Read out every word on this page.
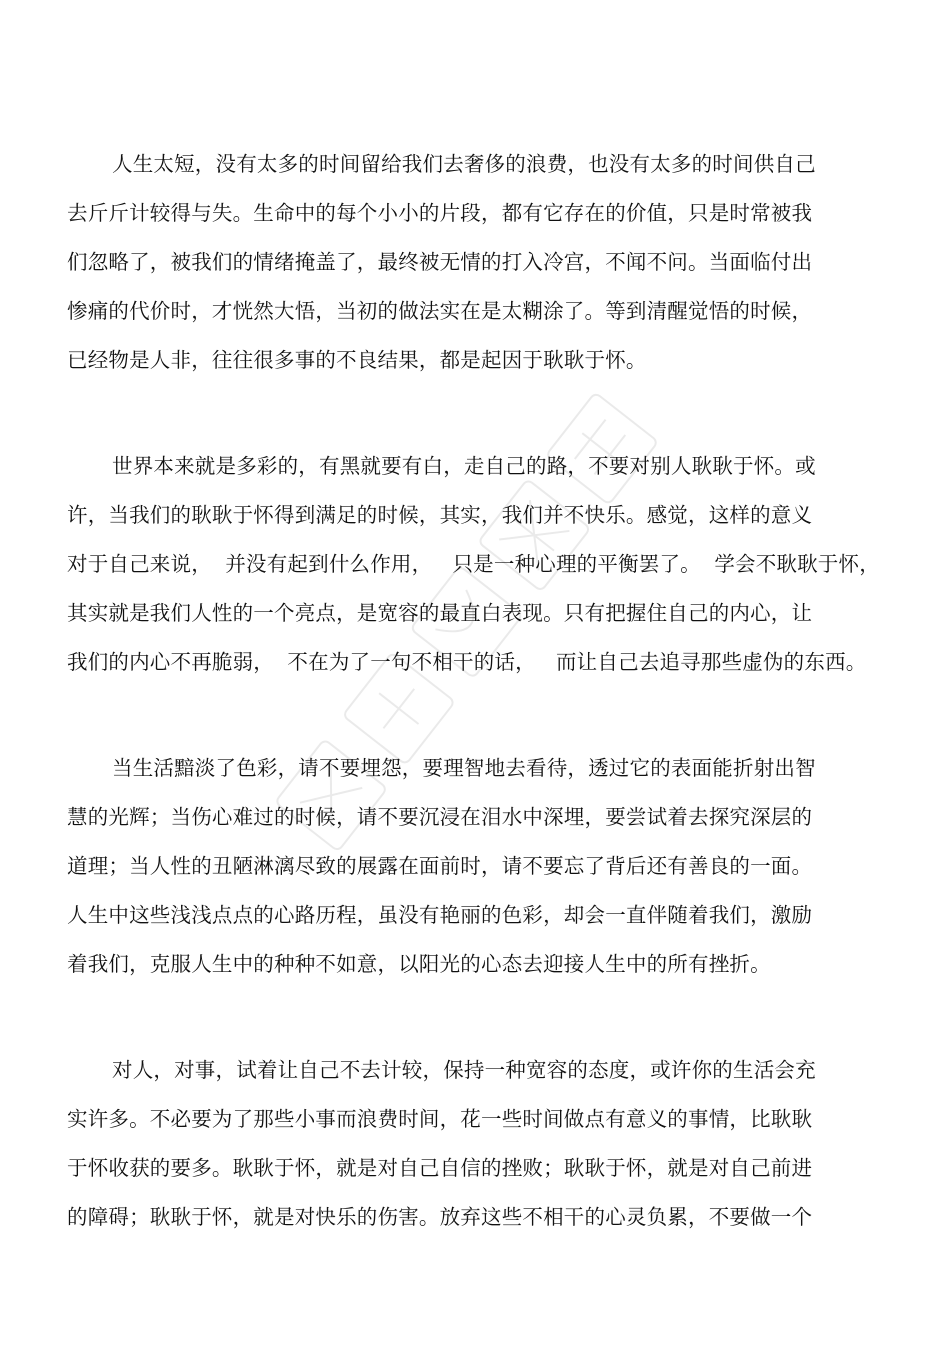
人生太短，没有太多的时间留给我们去奢侈的浪费，也没有太多的时间供自己
去斤斤计较得与失。生命中的每个小小的片段，都有它存在的价值，只是时常被我
们忽略了，被我们的情绪掩盖了，最终被无情的打入冷宫，不闻不问。当面临付出
惨痛的代价时，才恍然大悟，当初的做法实在是太糊涂了。等到清醒觉悟的时候，
已经物是人非，往往很多事的不良结果，都是起因于耿耿于怀。
世界本来就是多彩的，有黑就要有白，走自己的路，不要对别人耿耿于怀。或
许，当我们的耿耿于怀得到满足的时候，其实，我们并不快乐。感觉，这样的意义
对于自己来说，  并没有起到什么作用，   只是一种心理的平衡罢了。  学会不耿耿于怀，
其实就是我们人性的一个亮点，是宽容的最直白表现。只有把握住自己的内心，让
我们的内心不再脆弱，  不在为了一句不相干的话，   而让自己去追寻那些虚伪的东西。
当生活黯淡了色彩，请不要埋怨，要理智地去看待，透过它的表面能折射出智
慧的光辉；当伤心难过的时候，请不要沉浸在泪水中深埋，要尝试着去探究深层的
道理；当人性的丑陋淋漓尽致的展露在面前时，请不要忘了背后还有善良的一面。
人生中这些浅浅点点的心路历程，虽没有艳丽的色彩，却会一直伴随着我们，激励
着我们，克服人生中的种种不如意，以阳光的心态去迎接人生中的所有挫折。
对人，对事，试着让自己不去计较，保持一种宽容的态度，或许你的生活会充
实许多。不必要为了那些小事而浪费时间，花一些时间做点有意义的事情，比耿耿
于怀收获的要多。耿耿于怀，就是对自己自信的挫败；耿耿于怀，就是对自己前进
的障碍；耿耿于怀，就是对快乐的伤害。放弃这些不相干的心灵负累，不要做一个
